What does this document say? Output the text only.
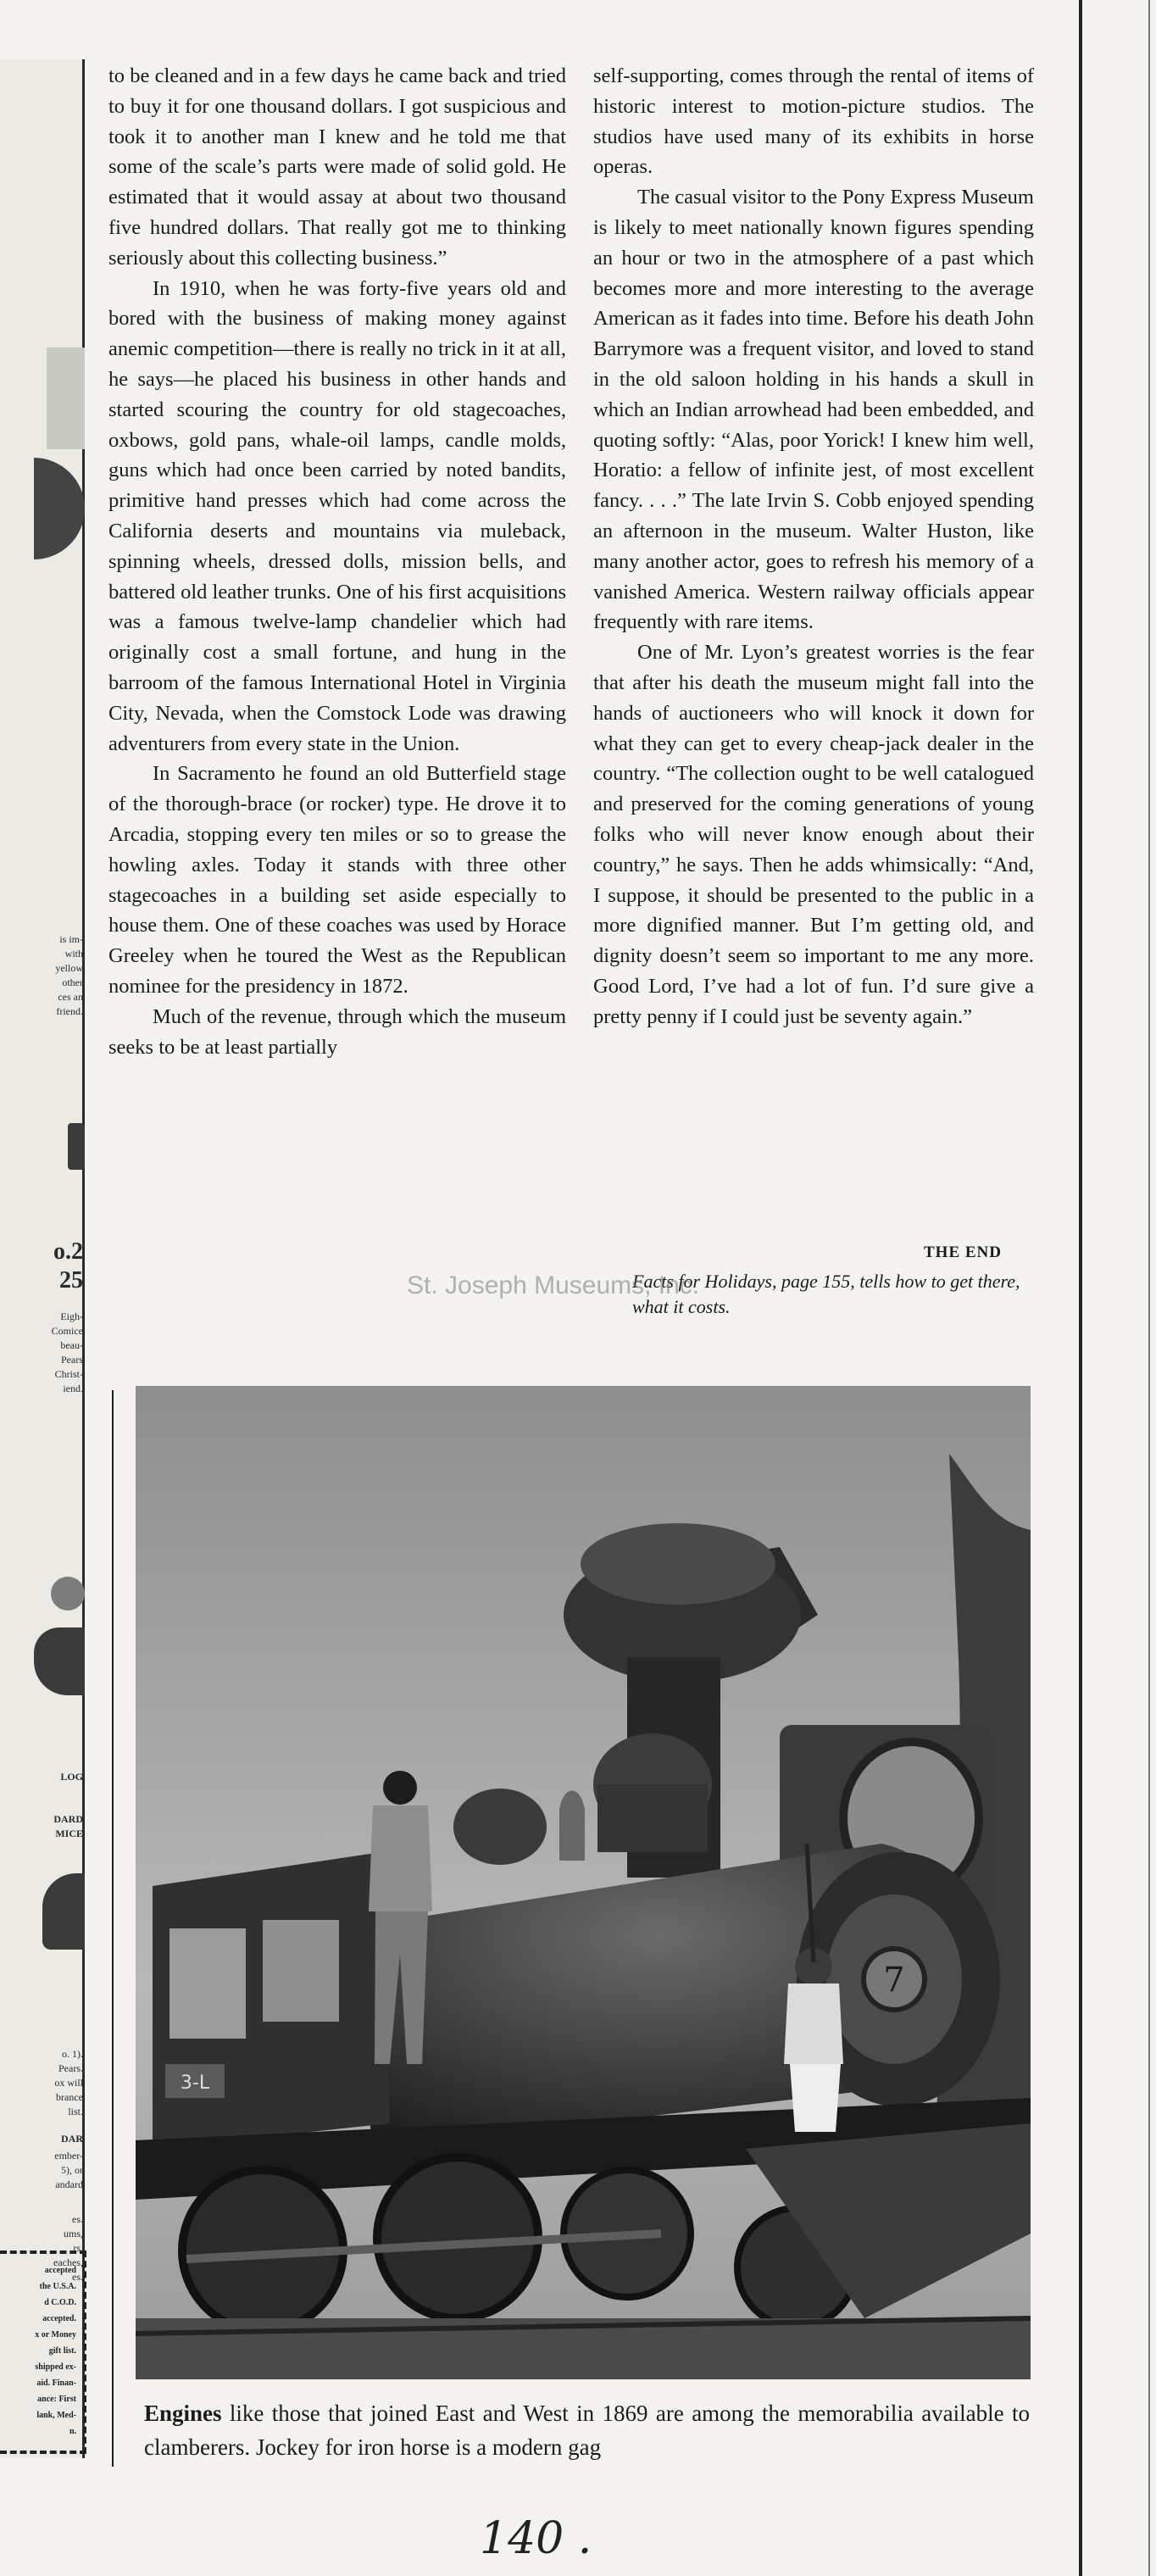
is im-
with
yellow
other
ces an
friend.
o.2
25
Eigh-
Comice
beau-
Pears
Christ-
iend.
LOG
DARD
MICE
o. 1).
Pears.
ox will
brance
list.
DAR
ember-
5), or
andard
es.
ums,
rs.
eaches,
es.

accepted

the U.S.A.

d C.O.D.

accepted.

x or Money

gift list.

shipped ex-

aid. Finan-

ance: First

lank, Med-

n.

to be cleaned and in a few days he came back and tried to buy it for one thousand dollars. I got suspicious and took it to another man I knew and he told me that some of the scale’s parts were made of solid gold. He estimated that it would assay at about two thousand five hundred dollars. That really got me to thinking seriously about this collecting business.”

In 1910, when he was forty-five years old and bored with the business of making money against anemic competition—there is really no trick in it at all, he says—he placed his business in other hands and started scouring the country for old stagecoaches, oxbows, gold pans, whale-oil lamps, candle molds, guns which had once been carried by noted bandits, primitive hand presses which had come across the California deserts and mountains via muleback, spinning wheels, dressed dolls, mission bells, and battered old leather trunks. One of his first acquisitions was a famous twelve-lamp chandelier which had originally cost a small fortune, and hung in the barroom of the famous International Hotel in Virginia City, Nevada, when the Comstock Lode was drawing adventurers from every state in the Union.

In Sacramento he found an old Butterfield stage of the thorough-brace (or rocker) type. He drove it to Arcadia, stopping every ten miles or so to grease the howling axles. Today it stands with three other stagecoaches in a building set aside especially to house them. One of these coaches was used by Horace Greeley when he toured the West as the Republican nominee for the presidency in 1872.

Much of the revenue, through which the museum seeks to be at least partially

self-supporting, comes through the rental of items of historic interest to motion-picture studios. The studios have used many of its exhibits in horse operas.

The casual visitor to the Pony Express Museum is likely to meet nationally known figures spending an hour or two in the atmosphere of a past which becomes more and more interesting to the average American as it fades into time. Before his death John Barrymore was a frequent visitor, and loved to stand in the old saloon holding in his hands a skull in which an Indian arrowhead had been embedded, and quoting softly: “Alas, poor Yorick! I knew him well, Horatio: a fellow of infinite jest, of most excellent fancy. . . .” The late Irvin S. Cobb enjoyed spending an afternoon in the museum. Walter Huston, like many another actor, goes to refresh his memory of a vanished America. Western railway officials appear frequently with rare items.

One of Mr. Lyon’s greatest worries is the fear that after his death the museum might fall into the hands of auctioneers who will knock it down for what they can get to every cheap-jack dealer in the country. “The collection ought to be well catalogued and preserved for the coming generations of young folks who will never know enough about their country,” he says. Then he adds whimsically: “And, I suppose, it should be presented to the public in a more dignified manner. But I’m getting old, and dignity doesn’t seem so important to me any more. Good Lord, I’ve had a lot of fun. I’d sure give a pretty penny if I could just be seventy again.”

THE END
Facts for Holidays, page 155, tells how to get there, what it costs.
St. Joseph Museums, Inc.
7
3-L
Engines like those that joined East and West in 1869 are among the memorabilia available to clamberers. Jockey for iron horse is a modern gag
140 .
